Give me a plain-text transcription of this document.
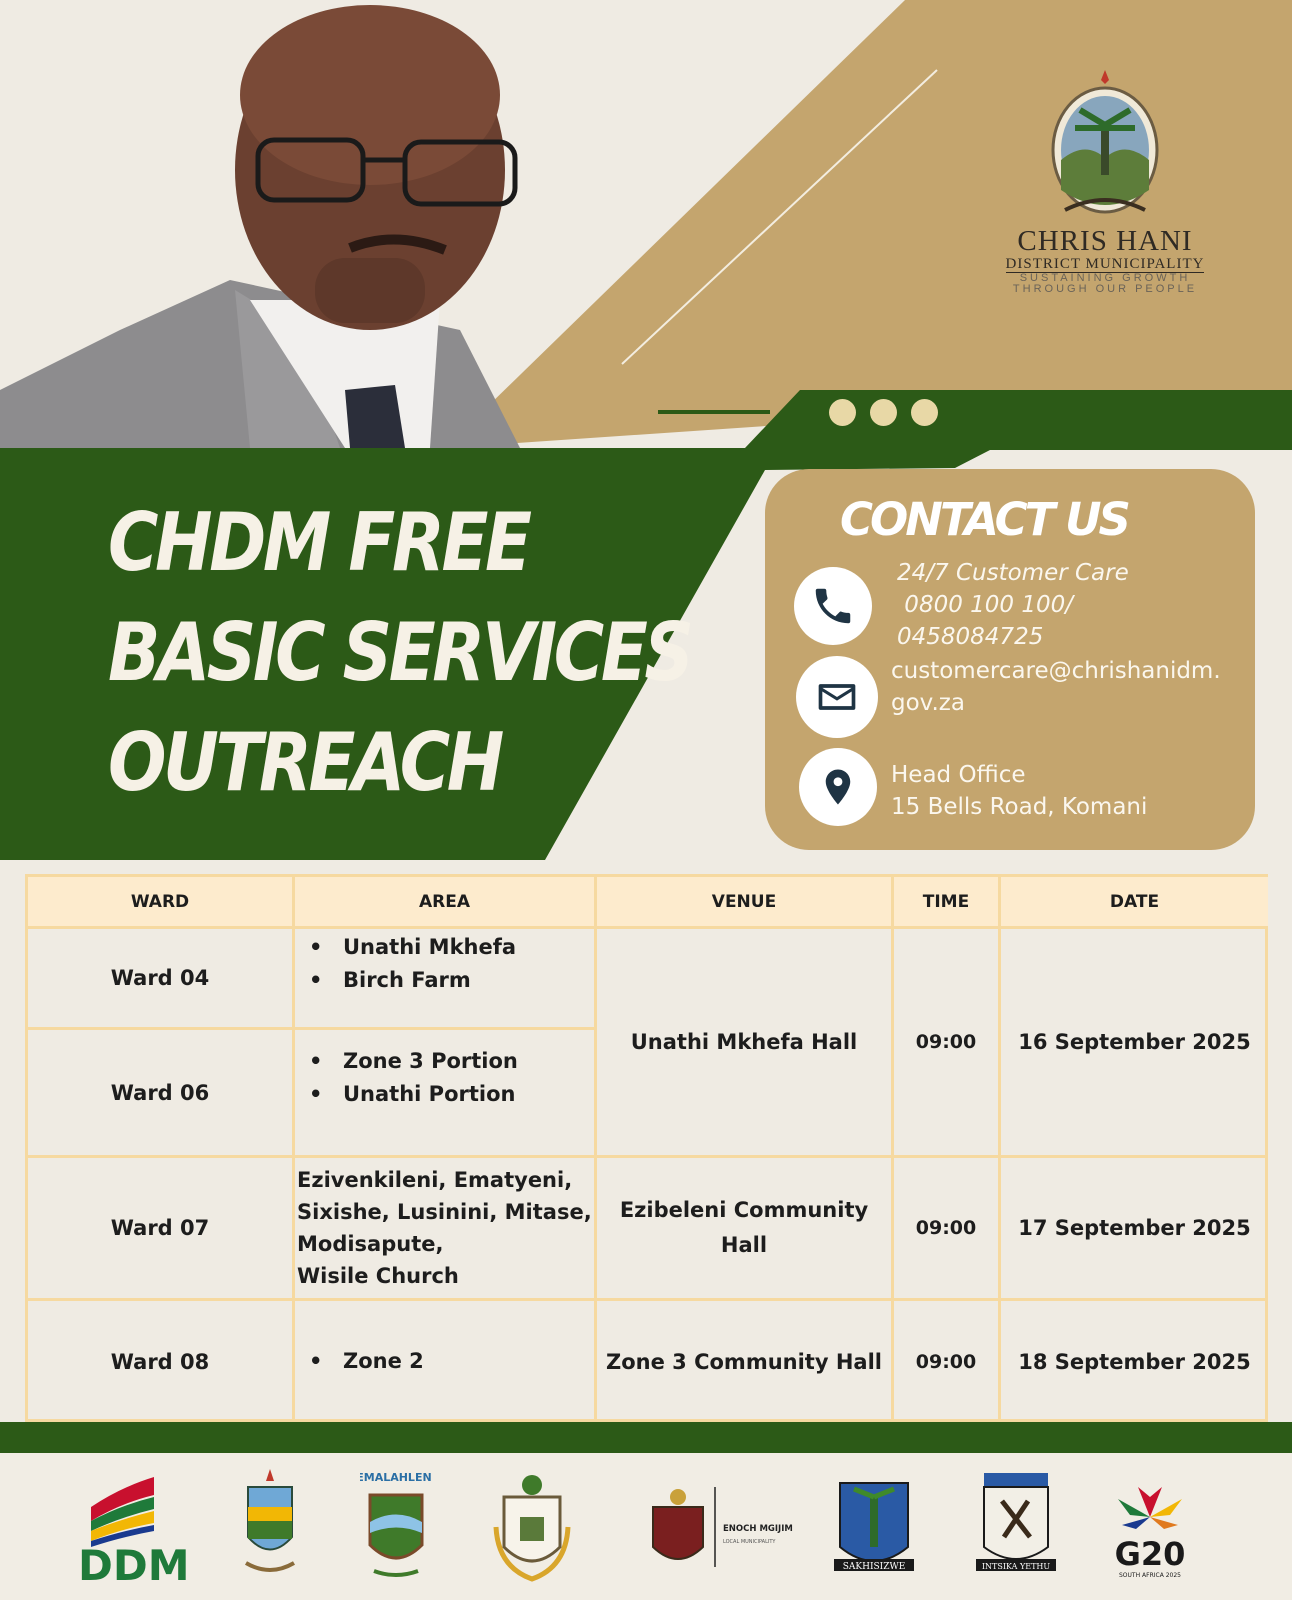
CHRIS HANI
DISTRICT MUNICIPALITY
SUSTAINING GROWTH
THROUGH OUR PEOPLE
CHDM FREE
BASIC SERVICES
OUTREACH
CONTACT US
24/7 Customer Care
0800 100 100/
0458084725
customercare@chrishanidm.
gov.za
Head Office
15 Bells Road, Komani
WARD	AREA	VENUE	TIME	DATE
Ward 04
• Unathi Mkhefa
• Birch Farm
Ward 06
• Zone 3 Portion
• Unathi Portion
Unathi Mkhefa Hall	09:00	16 September 2025
Ward 07
Ezivenkileni, Ematyeni,
Sixishe, Lusinini, Mitase,
Modisapute,
Wisile Church
Ezibeleni Community
Hall
09:00	17 September 2025
Ward 08
•	Zone 2	Zone 3 Community Hall	09:00	18 September 2025
DDM
EMALAHLENI
ENOCH MGIJIMA
LOCAL MUNICIPALITY
SAKHISIZWE	INTSIKA YETHU G20
SOUTH AFRICA 2025
